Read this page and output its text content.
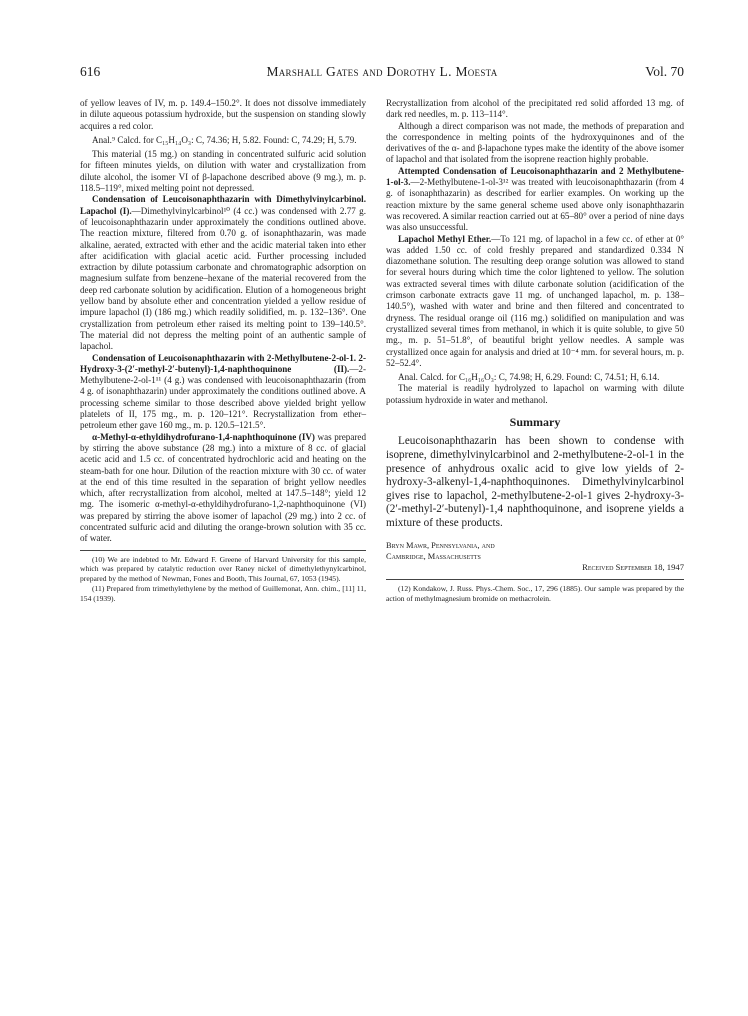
616	Marshall Gates and Dorothy L. Moesta	Vol. 70

of yellow leaves of IV, m. p. 149.4–150.2°. It does not dissolve immediately in dilute aqueous potassium hydroxide, but the suspension on standing slowly acquires a red color.

Anal.⁹ Calcd. for C₁₅H₁₄O₃: C, 74.36; H, 5.82. Found: C, 74.29; H, 5.79.

This material (15 mg.) on standing in concentrated sulfuric acid solution for fifteen minutes yields, on dilution with water and crystallization from dilute alcohol, the isomer VI of β-lapachone described above (9 mg.), m. p. 118.5–119°, mixed melting point not depressed.

Condensation of Leucoisonaphthazarin with Dimethylvinylcarbinol. Lapachol (I).—Dimethylvinylcarbinol¹⁰ (4 cc.) was condensed with 2.77 g. of leucoisonaphthazarin under approximately the conditions outlined above. The reaction mixture, filtered from 0.70 g. of isonaphthazarin, was made alkaline, aerated, extracted with ether and the acidic material taken into ether after acidification with glacial acetic acid. Further processing included extraction by dilute potassium carbonate and chromatographic adsorption on magnesium sulfate from benzene–hexane of the material recovered from the deep red carbonate solution by acidification. Elution of a homogeneous bright yellow band by absolute ether and concentration yielded a yellow residue of impure lapachol (I) (186 mg.) which readily solidified, m. p. 132–136°. One crystallization from petroleum ether raised its melting point to 139–140.5°. The material did not depress the melting point of an authentic sample of lapachol.

Condensation of Leucoisonaphthazarin with 2-Methylbutene-2-ol-1. 2-Hydroxy-3-(2′-methyl-2′-butenyl)-1,4-naphthoquinone (II).—2-Methylbutene-2-ol-1¹¹ (4 g.) was condensed with leucoisonaphthazarin (from 4 g. of isonaphthazarin) under approximately the conditions outlined above. A processing scheme similar to those described above yielded bright yellow platelets of II, 175 mg., m. p. 120–121°. Recrystallization from ether–petroleum ether gave 160 mg., m. p. 120.5–121.5°.

α-Methyl-α-ethyldihydrofurano-1,4-naphthoquinone (IV) was prepared by stirring the above substance (28 mg.) into a mixture of 8 cc. of glacial acetic acid and 1.5 cc. of concentrated hydrochloric acid and heating on the steam-bath for one hour. Dilution of the reaction mixture with 30 cc. of water at the end of this time resulted in the separation of bright yellow needles which, after recrystallization from alcohol, melted at 147.5–148°; yield 12 mg. The isomeric α-methyl-α-ethyldihydrofurano-1,2-naphthoquinone (VI) was prepared by stirring the above isomer of lapachol (29 mg.) into 2 cc. of concentrated sulfuric acid and diluting the orange-brown solution with 35 cc. of water.

(10) We are indebted to Mr. Edward F. Greene of Harvard University for this sample, which was prepared by catalytic reduction over Raney nickel of dimethylethynylcarbinol, prepared by the method of Newman, Fones and Booth, This Journal, 67, 1053 (1945).

(11) Prepared from trimethylethylene by the method of Guillemonat, Ann. chim., [11] 11, 154 (1939).

Recrystallization from alcohol of the precipitated red solid afforded 13 mg. of dark red needles, m. p. 113–114°.

Although a direct comparison was not made, the methods of preparation and the correspondence in melting points of the hydroxyquinones and of the derivatives of the α- and β-lapachone types make the identity of the above isomer of lapachol and that isolated from the isoprene reaction highly probable.

Attempted Condensation of Leucoisonaphthazarin and 2 Methylbutene-1-ol-3.—2-Methylbutene-1-ol-3¹² was treated with leucoisonaphthazarin (from 4 g. of isonaphthazarin) as described for earlier examples. On working up the reaction mixture by the same general scheme used above only isonaphthazarin was recovered. A similar reaction carried out at 65–80° over a period of nine days was also unsuccessful.

Lapachol Methyl Ether.—To 121 mg. of lapachol in a few cc. of ether at 0° was added 1.50 cc. of cold freshly prepared and standardized 0.334 N diazomethane solution. The resulting deep orange solution was allowed to stand for several hours during which time the color lightened to yellow. The solution was extracted several times with dilute carbonate solution (acidification of the crimson carbonate extracts gave 11 mg. of unchanged lapachol, m. p. 138–140.5°), washed with water and brine and then filtered and concentrated to dryness. The residual orange oil (116 mg.) solidified on manipulation and was crystallized several times from methanol, in which it is quite soluble, to give 50 mg., m. p. 51–51.8°, of beautiful bright yellow needles. A sample was crystallized once again for analysis and dried at 10⁻⁴ mm. for several hours, m. p. 52–52.4°.

Anal. Calcd. for C₁₆H₁₆O₃: C, 74.98; H, 6.29. Found: C, 74.51; H, 6.14.

The material is readily hydrolyzed to lapachol on warming with dilute potassium hydroxide in water and methanol.

Summary

Leucoisonaphthazarin has been shown to condense with isoprene, dimethylvinylcarbinol and 2-methylbutene-2-ol-1 in the presence of anhydrous oxalic acid to give low yields of 2-hydroxy-3-alkenyl-1,4-naphthoquinones. Dimethylvinylcarbinol gives rise to lapachol, 2-methylbutene-2-ol-1 gives 2-hydroxy-3-(2′-methyl-2′-butenyl)-1,4 naphthoquinone, and isoprene yields a mixture of these products.

Bryn Mawr, Pennsylvania, and
Cambridge, Massachusetts
Received September 18, 1947

(12) Kondakow, J. Russ. Phys.-Chem. Soc., 17, 296 (1885). Our sample was prepared by the action of methylmagnesium bromide on methacrolein.
